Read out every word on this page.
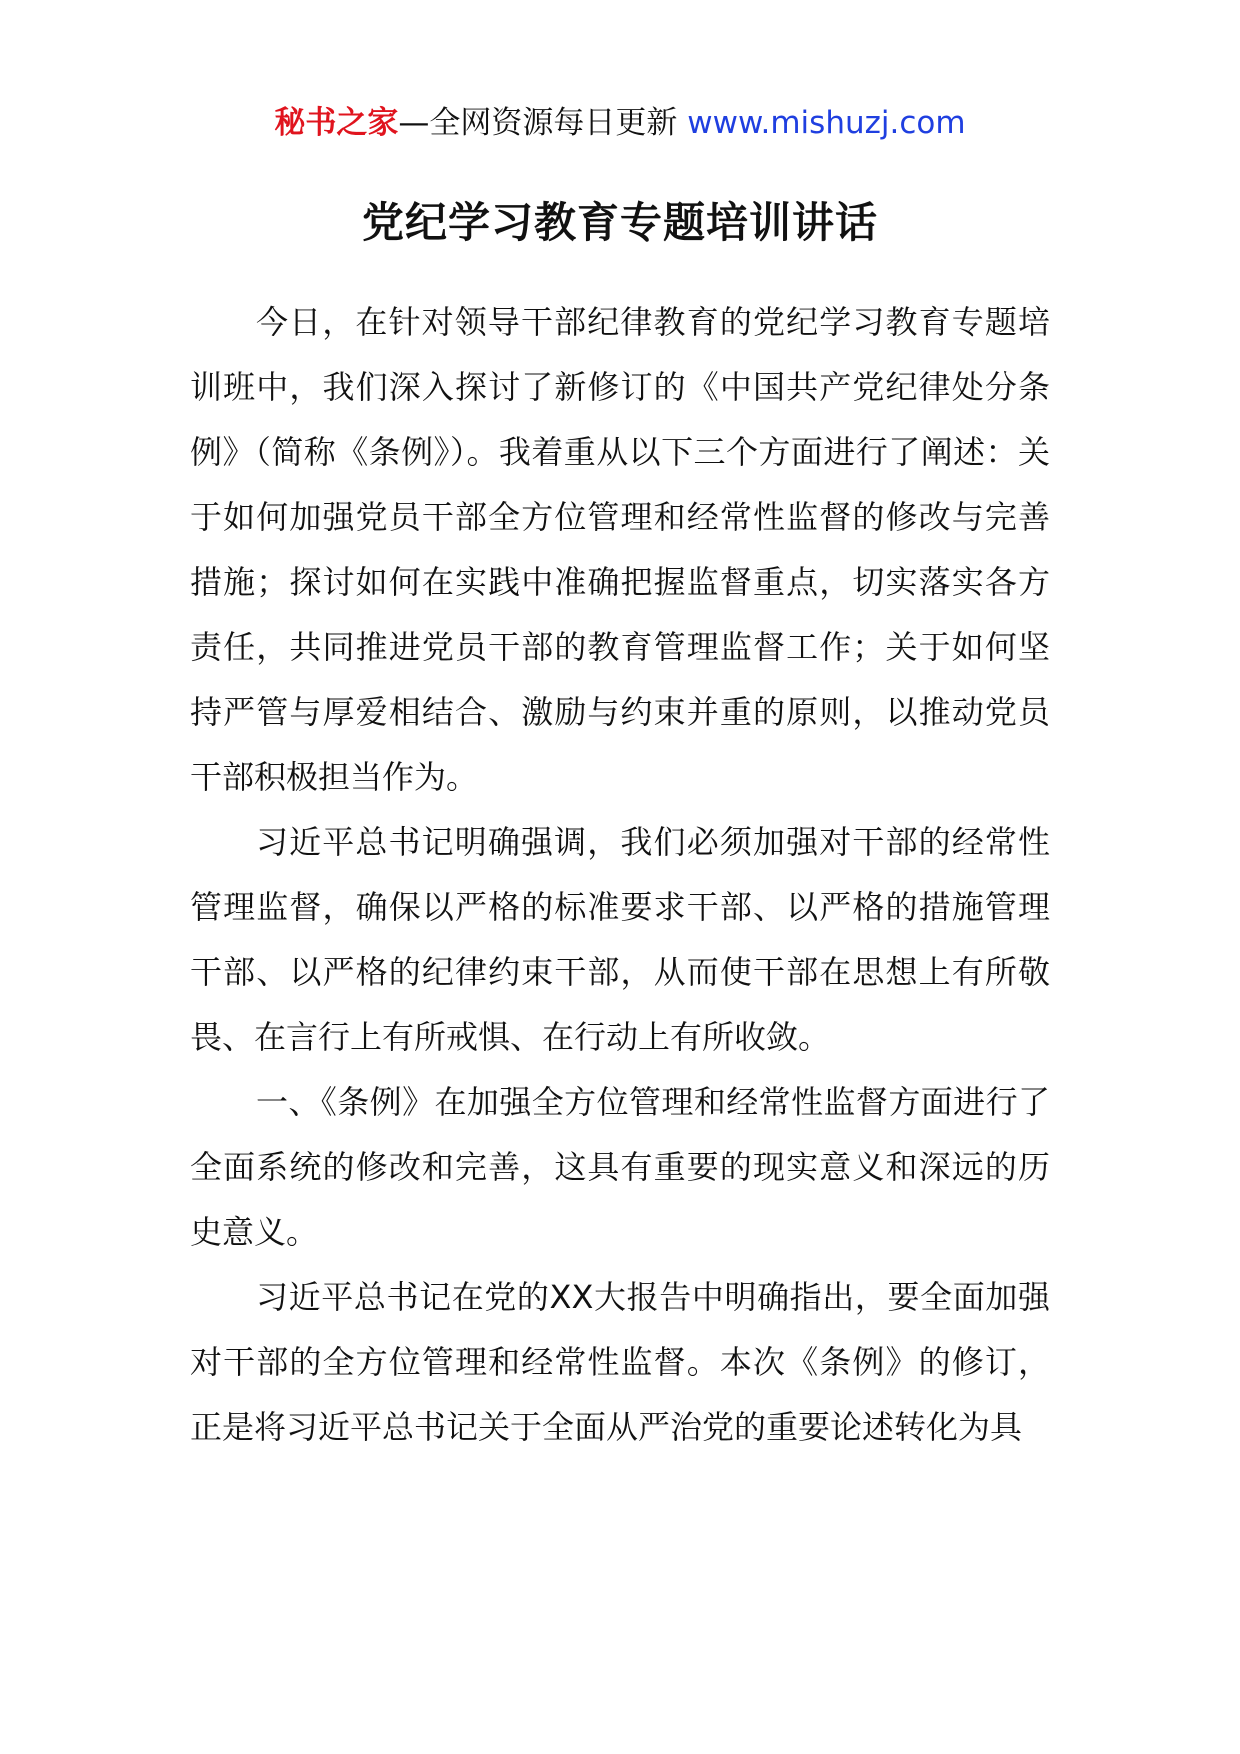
秘书之家—全网资源每日更新 www.mishuzj.com
党纪学习教育专题培训讲话

今日，在针对领导干部纪律教育的党纪学习教育专题培训班中，我们深入探讨了新修订的《中国共产党纪律处分条例》（简称《条例》）。我着重从以下三个方面进行了阐述：关于如何加强党员干部全方位管理和经常性监督的修改与完善措施；探讨如何在实践中准确把握监督重点，切实落实各方责任，共同推进党员干部的教育管理监督工作；关于如何坚持严管与厚爱相结合、激励与约束并重的原则，以推动党员干部积极担当作为。

习近平总书记明确强调，我们必须加强对干部的经常性管理监督，确保以严格的标准要求干部、以严格的措施管理干部、以严格的纪律约束干部，从而使干部在思想上有所敬畏、在言行上有所戒惧、在行动上有所收敛。

一、《条例》在加强全方位管理和经常性监督方面进行了全面系统的修改和完善，这具有重要的现实意义和深远的历史意义。

习近平总书记在党的XX大报告中明确指出，要全面加强对干部的全方位管理和经常性监督。本次《条例》的修订，正是将习近平总书记关于全面从严治党的重要论述转化为具
